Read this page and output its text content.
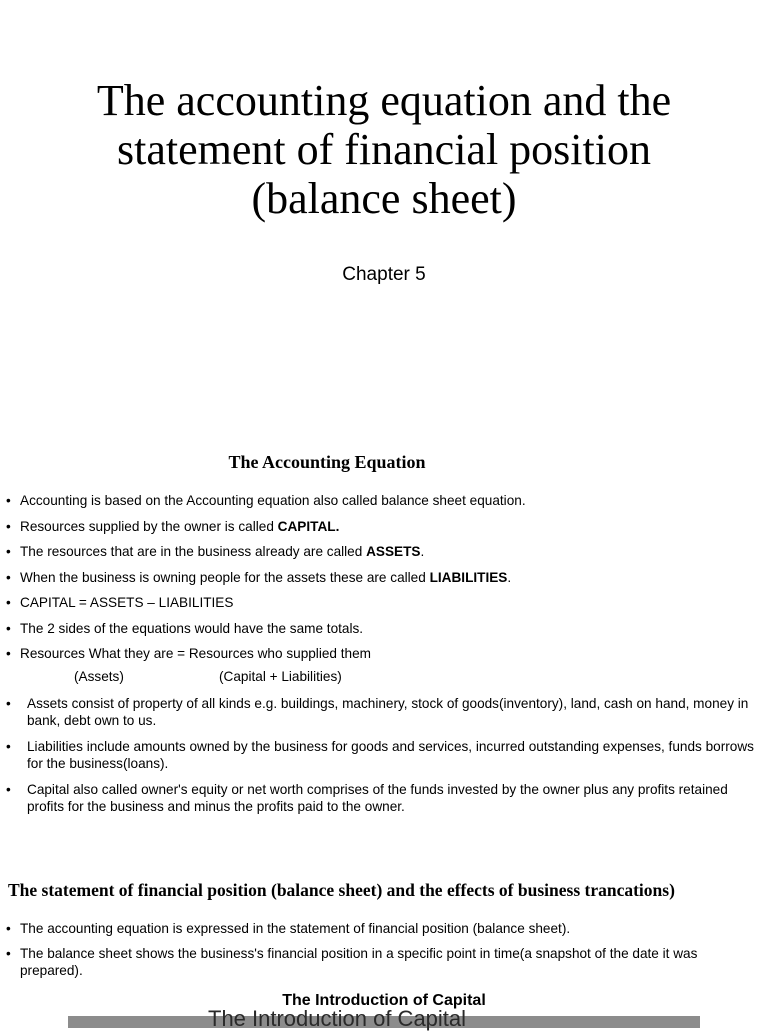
The accounting equation and the statement of financial position (balance sheet)
Chapter 5
The Accounting Equation
• Accounting is based on the Accounting equation also called balance sheet equation.
• Resources supplied by the owner is called CAPITAL.
• The resources that are in the business already are called ASSETS.
• When the business is owning people for the assets these are called LIABILITIES.
• CAPITAL = ASSETS – LIABILITIES
• The 2 sides of the equations would have the same totals.
• Resources What they are = Resources who supplied them
(Assets)	(Capital + Liabilities)
• Assets consist of property of all kinds e.g. buildings, machinery, stock of goods(inventory), land, cash on hand, money in bank, debt own to us.
• Liabilities include amounts owned by the business for goods and services, incurred outstanding expenses, funds borrows for the business(loans).
• Capital also called owner's equity or net worth comprises of the funds invested by the owner plus any profits retained profits for the business and minus the profits paid to the owner.
The statement of financial position (balance sheet) and the effects of business trancations)
• The accounting equation is expressed in the statement of financial position (balance sheet).
• The balance sheet shows the business's financial position in a specific point in time(a snapshot of the date it was prepared).
The Introduction of Capital
The Introduction of Capital
